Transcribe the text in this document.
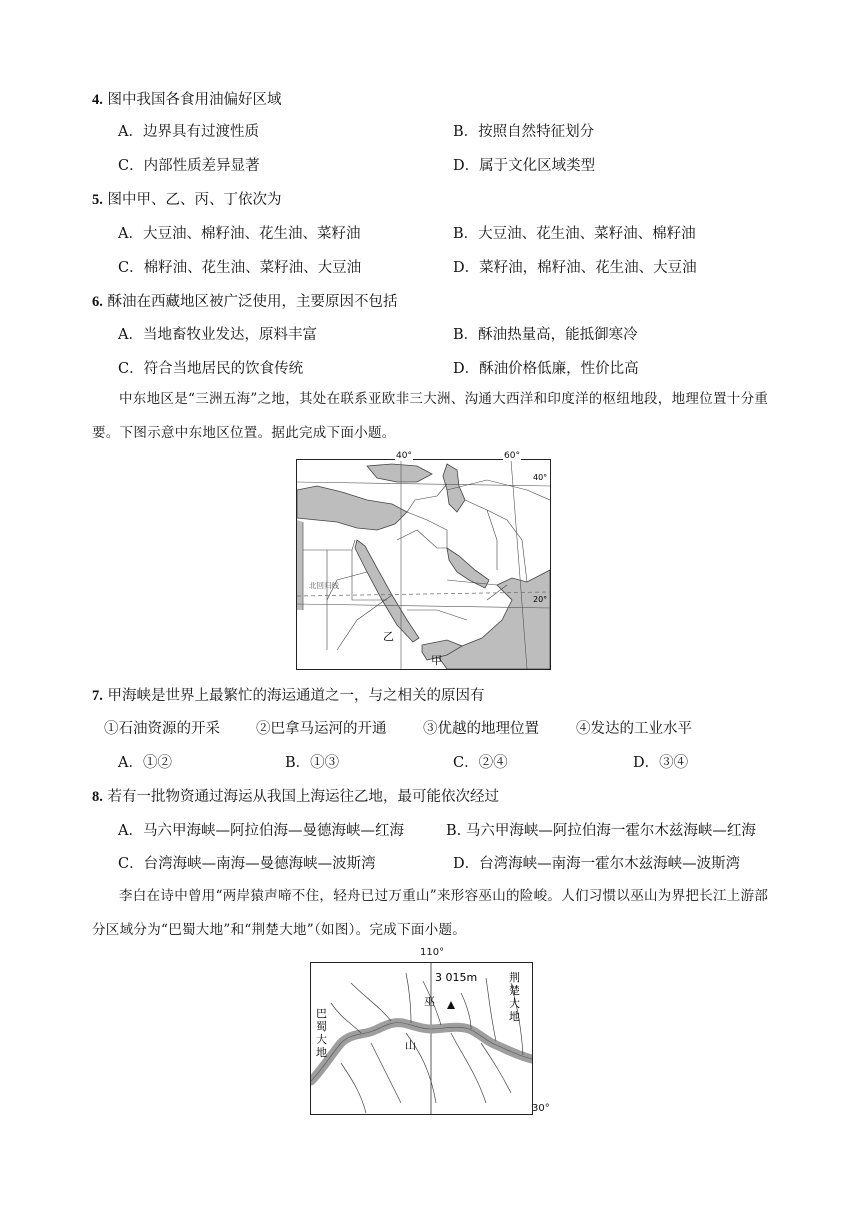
4. 图中我国各食用油偏好区域
A．边界具有过渡性质	B．按照自然特征划分
C．内部性质差异显著	D．属于文化区域类型
5. 图中甲、乙、丙、丁依次为
A．大豆油、棉籽油、花生油、菜籽油	B．大豆油、花生油、菜籽油、棉籽油
C．棉籽油、花生油、菜籽油、大豆油	D．菜籽油，棉籽油、花生油、大豆油
6. 酥油在西藏地区被广泛使用，主要原因不包括
A．当地畜牧业发达，原料丰富	B．酥油热量高，能抵御寒冷
C．符合当地居民的饮食传统	D．酥油价格低廉，性价比高

中东地区是“三洲五海”之地，其处在联系亚欧非三大洲、沟通大西洋和印度洋的枢纽地段，地理位置十分重要。下图示意中东地区位置。据此完成下面小题。

40°
20°
北回归线
乙
甲
40°	60°
7. 甲海峡是世界上最繁忙的海运通道之一，与之相关的原因有
①石油资源的开采 ②巴拿马运河的开通	③优越的地理位置	④发达的工业水平
A．①②	B．①③	C．②④	D．③④
8. 若有一批物资通过海运从我国上海运往乙地，最可能依次经过
A．马六甲海峡—阿拉伯海—曼德海峡—红海	B. 马六甲海峡—阿拉伯海一霍尔木兹海峡—红海
C．台湾海峡—南海—曼德海峡—波斯湾	D．台湾海峡—南海一霍尔木兹海峡—波斯湾

李白在诗中曾用“两岸猿声啼不住，轻舟已过万重山”来形容巫山的险峻。人们习惯以巫山为界把长江上游部分区域分为“巴蜀大地”和“荆楚大地”（如图）。完成下面小题。

110°
3 015m
巫
山
巴
蜀
大
地
荆
楚
大
地
30°
